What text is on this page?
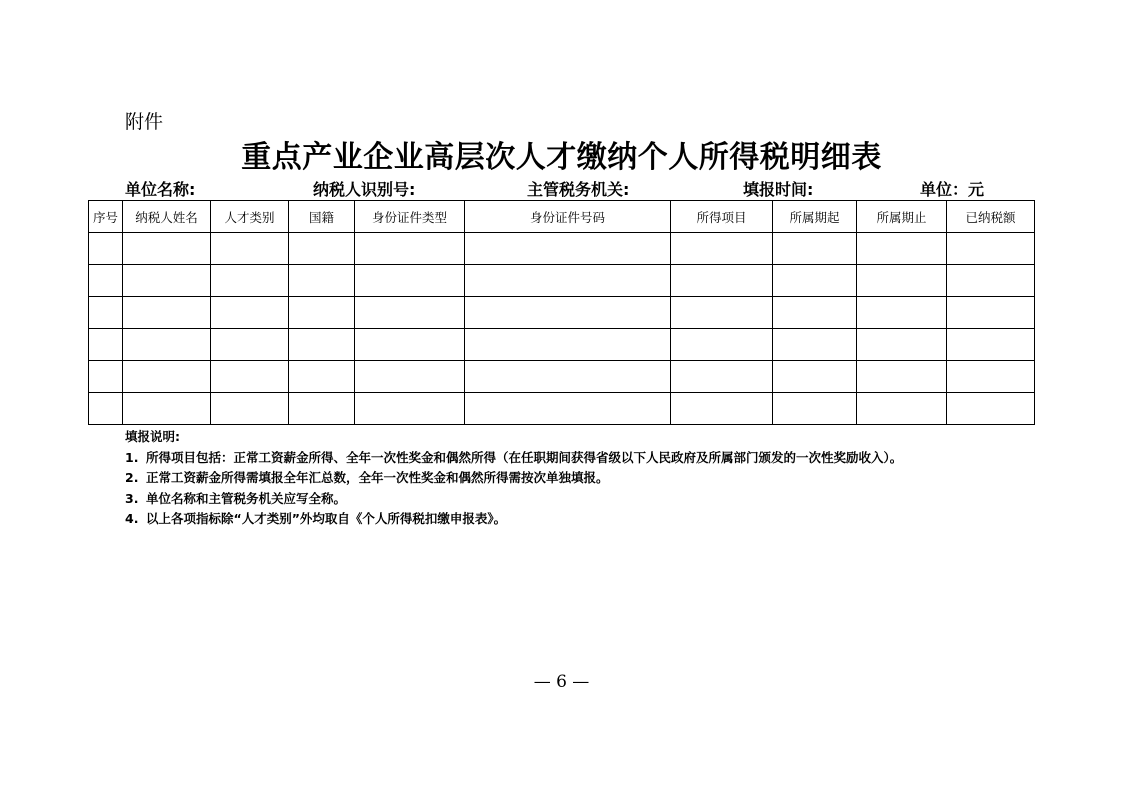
附件
重点产业企业高层次人才缴纳个人所得税明细表
单位名称:	纳税人识别号:	主管税务机关:	填报时间:	单位：元
序号	纳税人姓名	人才类别	国籍	身份证件类型	身份证件号码	所得项目	所属期起	所属期止	已纳税额

填报说明:
1. 所得项目包括：正常工资薪金所得、全年一次性奖金和偶然所得（在任职期间获得省级以下人民政府及所属部门颁发的一次性奖励收入）。
2. 正常工资薪金所得需填报全年汇总数，全年一次性奖金和偶然所得需按次单独填报。
3. 单位名称和主管税务机关应写全称。
4. 以上各项指标除“人才类别”外均取自《个人所得税扣缴申报表》。
— 6 —
